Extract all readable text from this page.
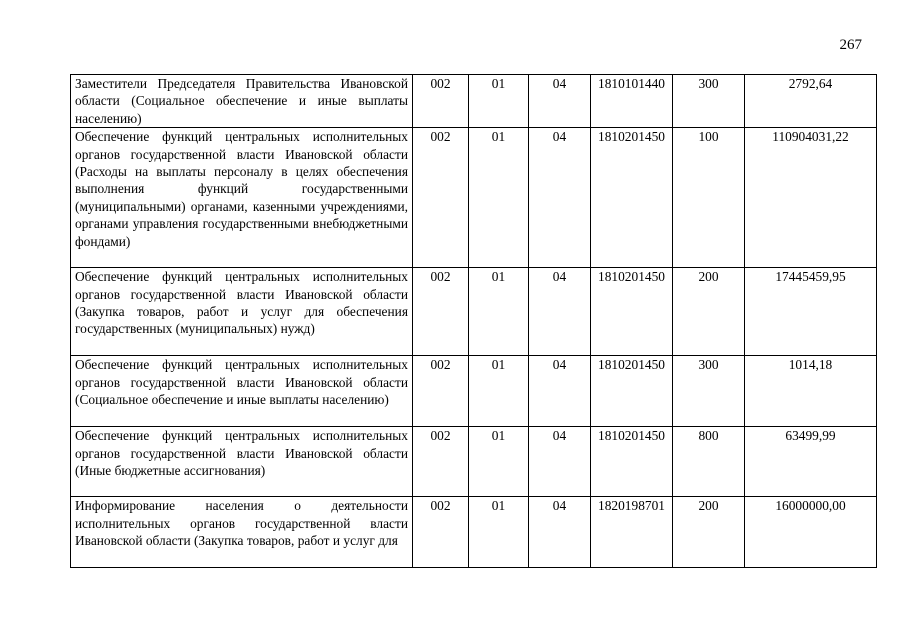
267
Заместители Председателя Правительства Ивановской области (Социальное обеспечение и иные выплаты населению)	002	01	04	1810101440	300	2792,64
Обеспечение функций центральных исполнительных органов государственной власти Ивановской области (Расходы на выплаты персоналу в целях обеспечения выполнения функций государственными (муниципальными) органами, казенными учреждениями, органами управления государственными внебюджетными фондами)	002	01	04	1810201450	100	110904031,22
Обеспечение функций центральных исполнительных органов государственной власти Ивановской области (Закупка товаров, работ и услуг для обеспечения государственных (муниципальных) нужд)	002	01	04	1810201450	200	17445459,95
Обеспечение функций центральных исполнительных органов государственной власти Ивановской области (Социальное обеспечение и иные выплаты населению)	002	01	04	1810201450	300	1014,18
Обеспечение функций центральных исполнительных органов государственной власти Ивановской области (Иные бюджетные ассигнования)	002	01	04	1810201450	800	63499,99
Информирование населения о деятельности исполнительных органов государственной власти Ивановской области (Закупка товаров, работ и услуг для	002	01	04	1820198701	200	16000000,00
